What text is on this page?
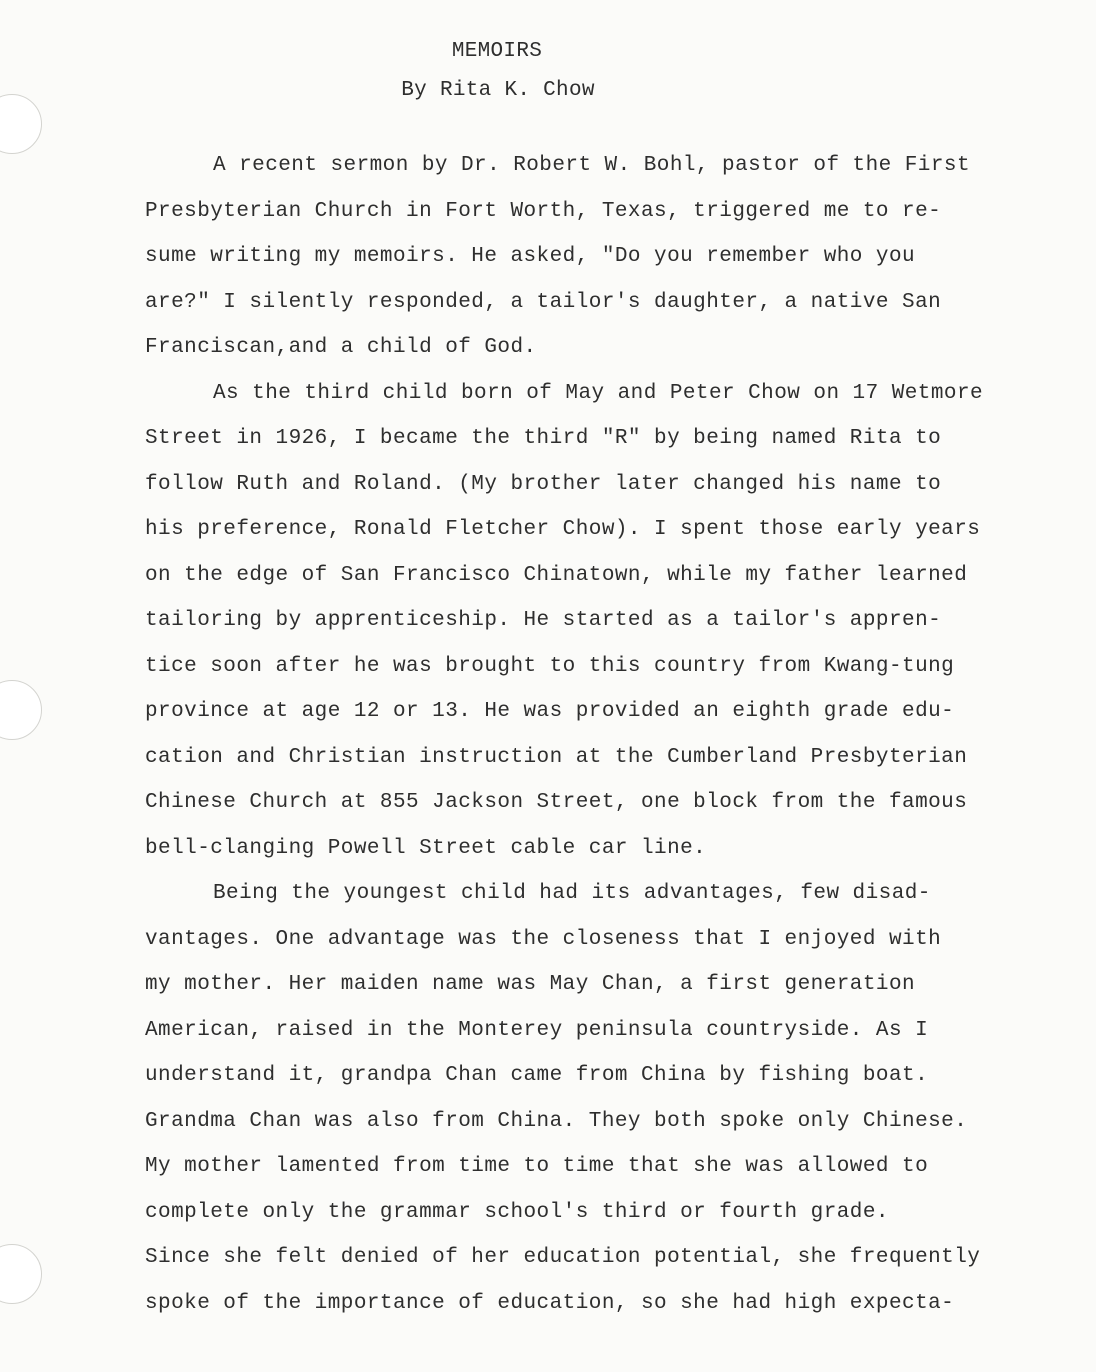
MEMOIRS
By Rita K. Chow

A recent sermon by Dr. Robert W. Bohl, pastor of the First
Presbyterian Church in Fort Worth, Texas, triggered me to re-
sume writing my memoirs. He asked, "Do you remember who you
are?" I silently responded, a tailor's daughter, a native San
Franciscan,and a child of God.

As the third child born of May and Peter Chow on 17 Wetmore
Street in 1926, I became the third "R" by being named Rita to
follow Ruth and Roland. (My brother later changed his name to
his preference, Ronald Fletcher Chow). I spent those early years
on the edge of San Francisco Chinatown, while my father learned
tailoring by apprenticeship. He started as a tailor's appren-
tice soon after he was brought to this country from Kwang-tung
province at age 12 or 13. He was provided an eighth grade edu-
cation and Christian instruction at the Cumberland Presbyterian
Chinese Church at 855 Jackson Street, one block from the famous
bell-clanging Powell Street cable car line.

Being the youngest child had its advantages, few disad-
vantages. One advantage was the closeness that I enjoyed with
my mother. Her maiden name was May Chan, a first generation
American, raised in the Monterey peninsula countryside. As I
understand it, grandpa Chan came from China by fishing boat.
Grandma Chan was also from China. They both spoke only Chinese.
My mother lamented from time to time that she was allowed to
complete only the grammar school's third or fourth grade.
Since she felt denied of her education potential, she frequently
spoke of the importance of education, so she had high expecta-
